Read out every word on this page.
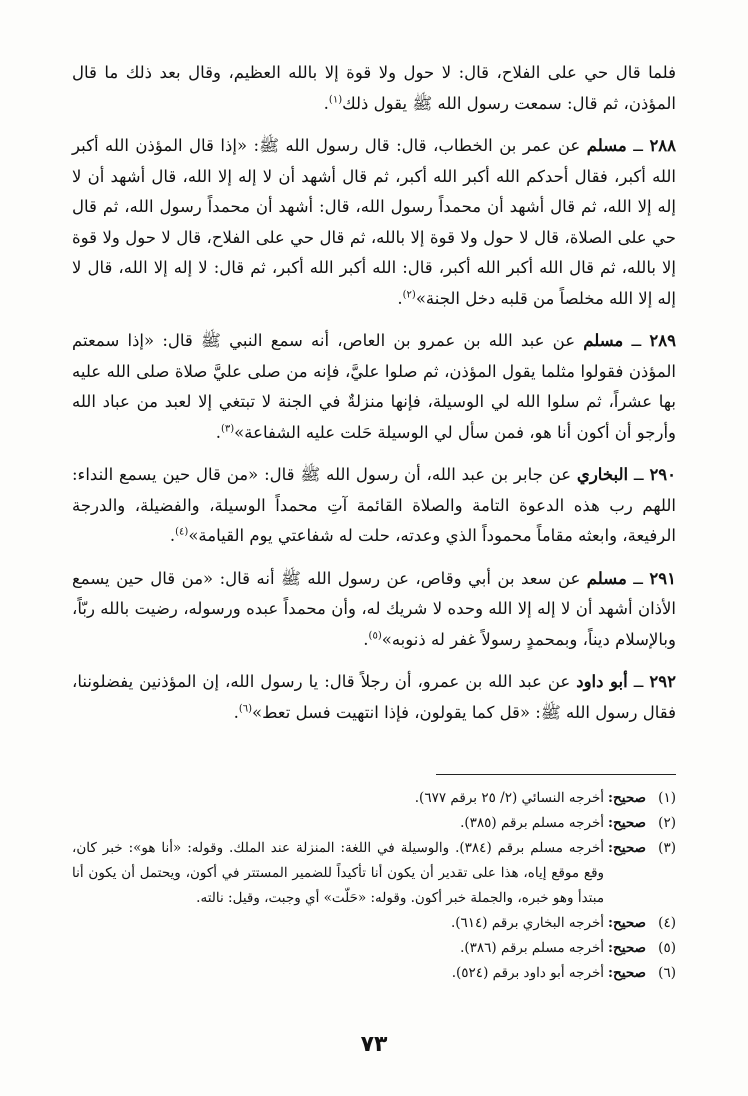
فلما قال حي على الفلاح، قال: لا حول ولا قوة إلا بالله العظيم، وقال بعد ذلك ما قال المؤذن، ثم قال: سمعت رسول الله ﷺ يقول ذلك$^{(١)}$.

٢٨٨ ــ مسلم عن عمر بن الخطاب، قال: قال رسول الله ﷺ: «إذا قال المؤذن الله أكبر الله أكبر، فقال أحدكم الله أكبر الله أكبر، ثم قال أشهد أن لا إله إلا الله، قال أشهد أن لا إله إلا الله، ثم قال أشهد أن محمداً رسول الله، قال: أشهد أن محمداً رسول الله، ثم قال حي على الصلاة، قال لا حول ولا قوة إلا بالله، ثم قال حي على الفلاح، قال لا حول ولا قوة إلا بالله، ثم قال الله أكبر الله أكبر، قال: الله أكبر الله أكبر، ثم قال: لا إله إلا الله، قال لا إله إلا الله مخلصاً من قلبه دخل الجنة»$^{(٢)}$.

٢٨٩ ــ مسلم عن عبد الله بن عمرو بن العاص، أنه سمع النبي ﷺ قال: «إذا سمعتم المؤذن فقولوا مثلما يقول المؤذن، ثم صلوا عليَّ، فإنه من صلى عليَّ صلاة صلى الله عليه بها عشراً، ثم سلوا الله لي الوسيلة، فإنها منزلةٌ في الجنة لا تبتغي إلا لعبد من عباد الله وأرجو أن أكون أنا هو، فمن سأل لي الوسيلة حَلت عليه الشفاعة»$^{(٣)}$.

٢٩٠ ــ البخاري عن جابر بن عبد الله، أن رسول الله ﷺ قال: «من قال حين يسمع النداء: اللهم رب هذه الدعوة التامة والصلاة القائمة آتِ محمداً الوسيلة، والفضيلة، والدرجة الرفيعة، وابعثه مقاماً محموداً الذي وعدته، حلت له شفاعتي يوم القيامة»$^{(٤)}$.

٢٩١ ــ مسلم عن سعد بن أبي وقاص، عن رسول الله ﷺ أنه قال: «من قال حين يسمع الأذان أشهد أن لا إله إلا الله وحده لا شريك له، وأن محمداً عبده ورسوله، رضيت بالله ربّاً، وبالإسلام ديناً، وبمحمدٍ رسولاً غفر له ذنوبه»$^{(٥)}$.

٢٩٢ ــ أبو داود عن عبد الله بن عمرو، أن رجلاً قال: يا رسول الله، إن المؤذنين يفضلوننا، فقال رسول الله ﷺ: «قل كما يقولون، فإذا انتهيت فسل تعط»$^{(٦)}$.

(١)
صحيح:
أخرجه النسائي (٢/ ٢٥ برقم ٦٧٧).
(٢)
صحيح:
أخرجه مسلم برقم (٣٨٥).
(٣)
صحيح:
أخرجه مسلم برقم (٣٨٤). والوسيلة في اللغة: المنزلة عند الملك. وقوله: «أنا هو»: خبر كان، وقع موقع إياه، هذا على تقدير أن يكون أنا تأكيداً للضمير المستتر في أكون، ويحتمل أن يكون أنا مبتدأ وهو خبره، والجملة خبر أكون. وقوله: «حَلّت» أي وجبت، وقيل: نالته.
(٤)
صحيح:
أخرجه البخاري برقم (٦١٤).
(٥)
صحيح:
أخرجه مسلم برقم (٣٨٦).
(٦)
صحيح:
أخرجه أبو داود برقم (٥٢٤).
٧٣
